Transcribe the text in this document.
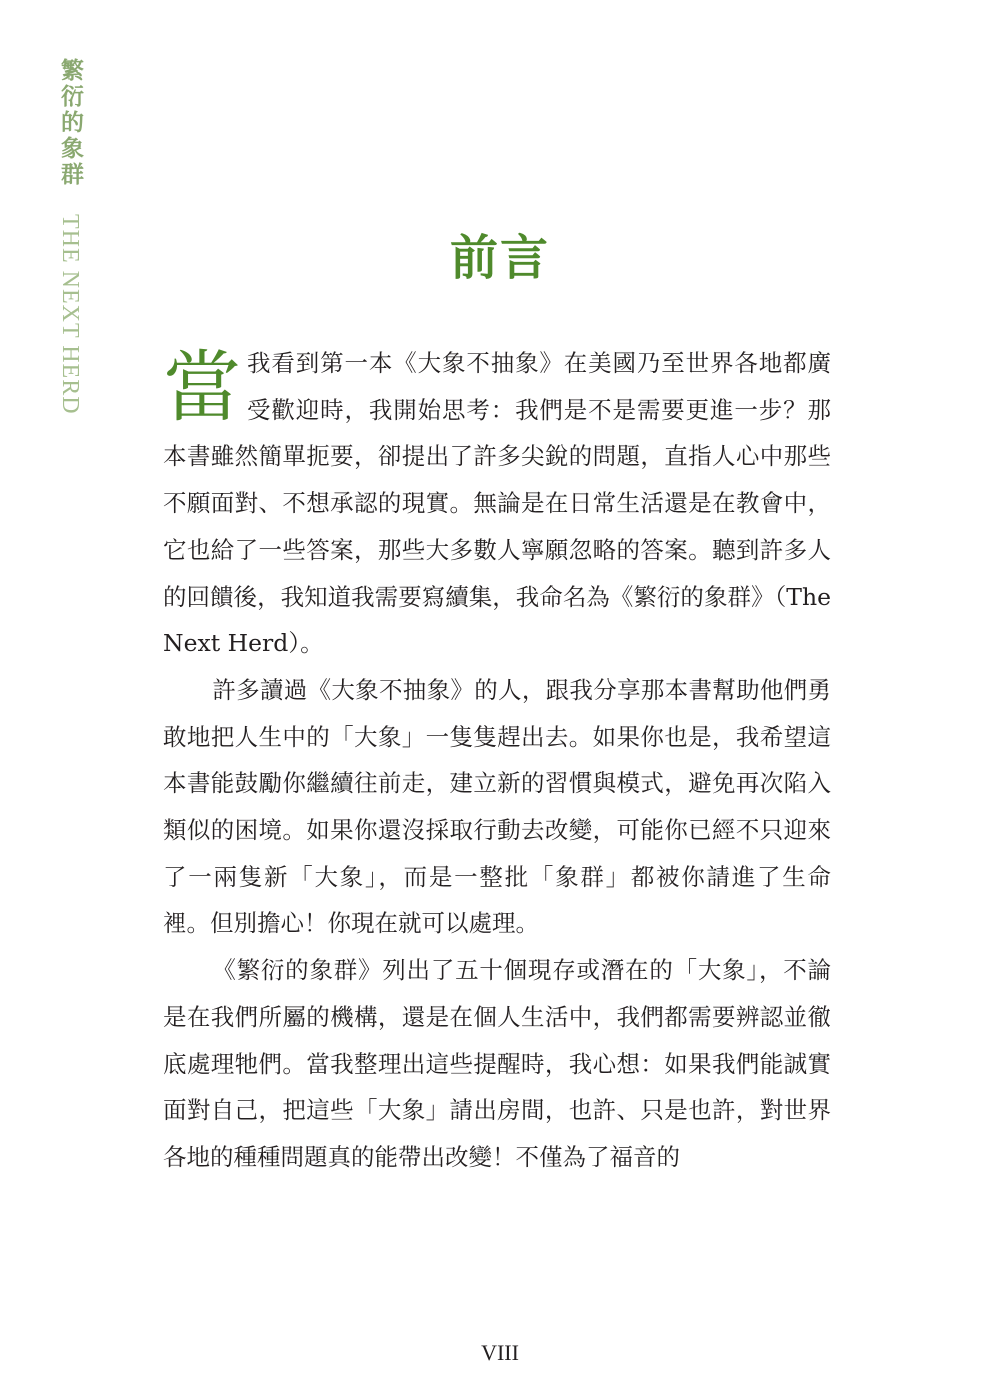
繁衍的象群
THE NEXT HERD	前言

當我看到第一本《大象不抽象》在美國乃至世界各地都廣受歡迎時，我開始思考：我們是不是需要更進一步？那本書雖然簡單扼要，卻提出了許多尖銳的問題，直指人心中那些不願面對、不想承認的現實。無論是在日常生活還是在教會中，它也給了一些答案，那些大多數人寧願忽略的答案。聽到許多人的回饋後，我知道我需要寫續集，我命名為《繁衍的象群》（The Next Herd）。

許多讀過《大象不抽象》的人，跟我分享那本書幫助他們勇敢地把人生中的「大象」一隻隻趕出去。如果你也是，我希望這本書能鼓勵你繼續往前走，建立新的習慣與模式，避免再次陷入類似的困境。如果你還沒採取行動去改變，可能你已經不只迎來了一兩隻新「大象」，而是一整批「象群」都被你請進了生命裡。但別擔心！你現在就可以處理。

《繁衍的象群》列出了五十個現存或潛在的「大象」，不論是在我們所屬的機構，還是在個人生活中，我們都需要辨認並徹底處理牠們。當我整理出這些提醒時，我心想：如果我們能誠實面對自己，把這些「大象」請出房間，也許、只是也許，對世界各地的種種問題真的能帶出改變！不僅為了福音的

VIII
